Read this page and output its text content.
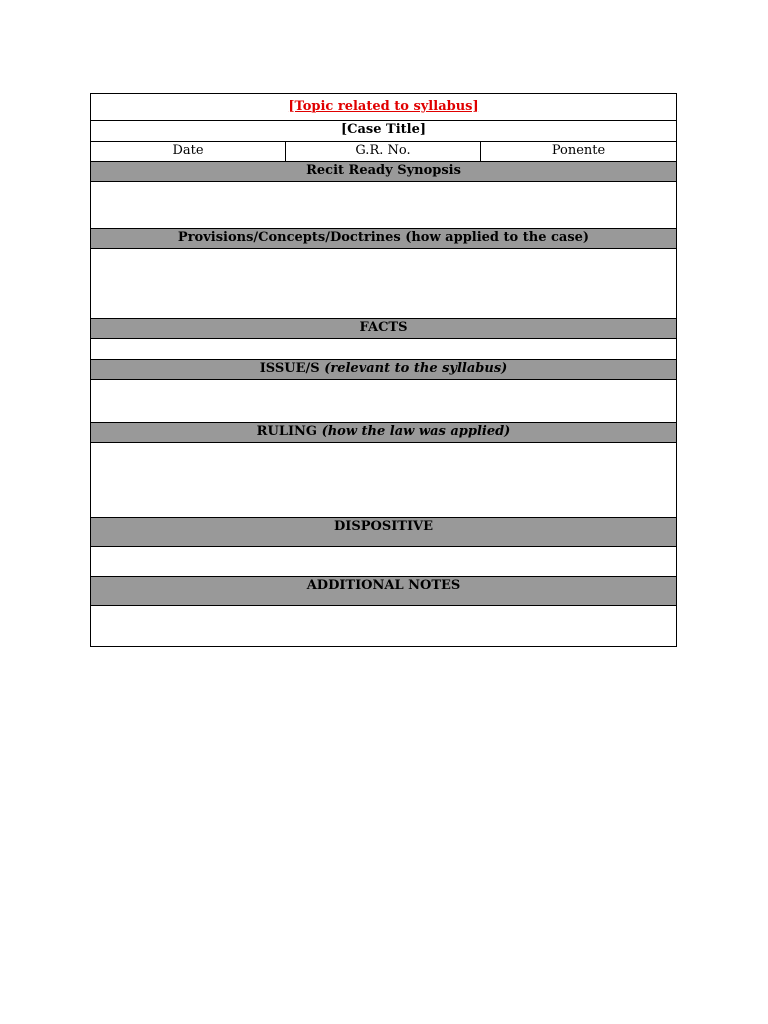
[Topic related to syllabus]
[Case Title]
Date	G.R. No.	Ponente
Recit Ready Synopsis

Provisions/Concepts/Doctrines (how applied to the case)

FACTS

ISSUE/S (relevant to the syllabus)

RULING (how the law was applied)

DISPOSITIVE

ADDITIONAL NOTES
